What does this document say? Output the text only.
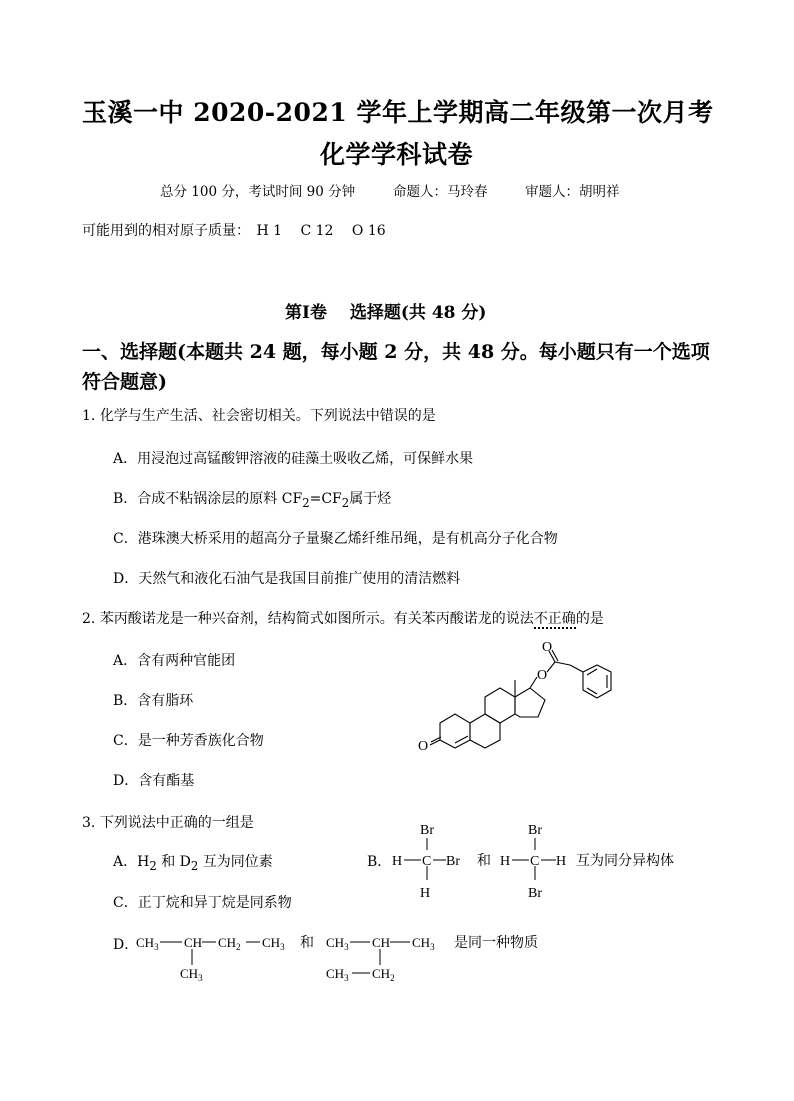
玉溪一中 2020-2021 学年上学期高二年级第一次月考
化学学科试卷
总分 100 分，考试时间 90 分钟	命题人：马玲春	审题人：胡明祥
可能用到的相对原子质量： H 1 C 12 O 16
第Ⅰ卷　 选择题(共 48 分)
一、选择题(本题共 24 题，每小题 2 分，共 48 分。每小题只有一个选项符合题意)
1. 化学与生产生活、社会密切相关。下列说法中错误的是
A．用浸泡过高锰酸钾溶液的硅藻土吸收乙烯，可保鲜水果
B．合成不粘锅涂层的原料 $CF_2=CF_2$属于烃
C．港珠澳大桥采用的超高分子量聚乙烯纤维吊绳，是有机高分子化合物
D．天然气和液化石油气是我国目前推广使用的清洁燃料
2. 苯丙酸诺龙是一种兴奋剂，结构简式如图所示。有关苯丙酸诺龙的说法不正确的是
A．含有两种官能团
B．含有脂环
C．是一种芳香族化合物
D．含有酯基
O
O
O
3. 下列说法中正确的一组是
A．$H_2$ 和 $D_2$ 互为同位素	B．
Br
H C Br
H
和
Br
H C H
Br
互为同分异构体
C．正丁烷和异丁烷是同系物
D．
$CH_3$ CH $CH_2$ $CH_3$
$CH_3$
和 $CH_3$ CH $CH_3$
$CH_3$ $CH_2$
是同一种物质
